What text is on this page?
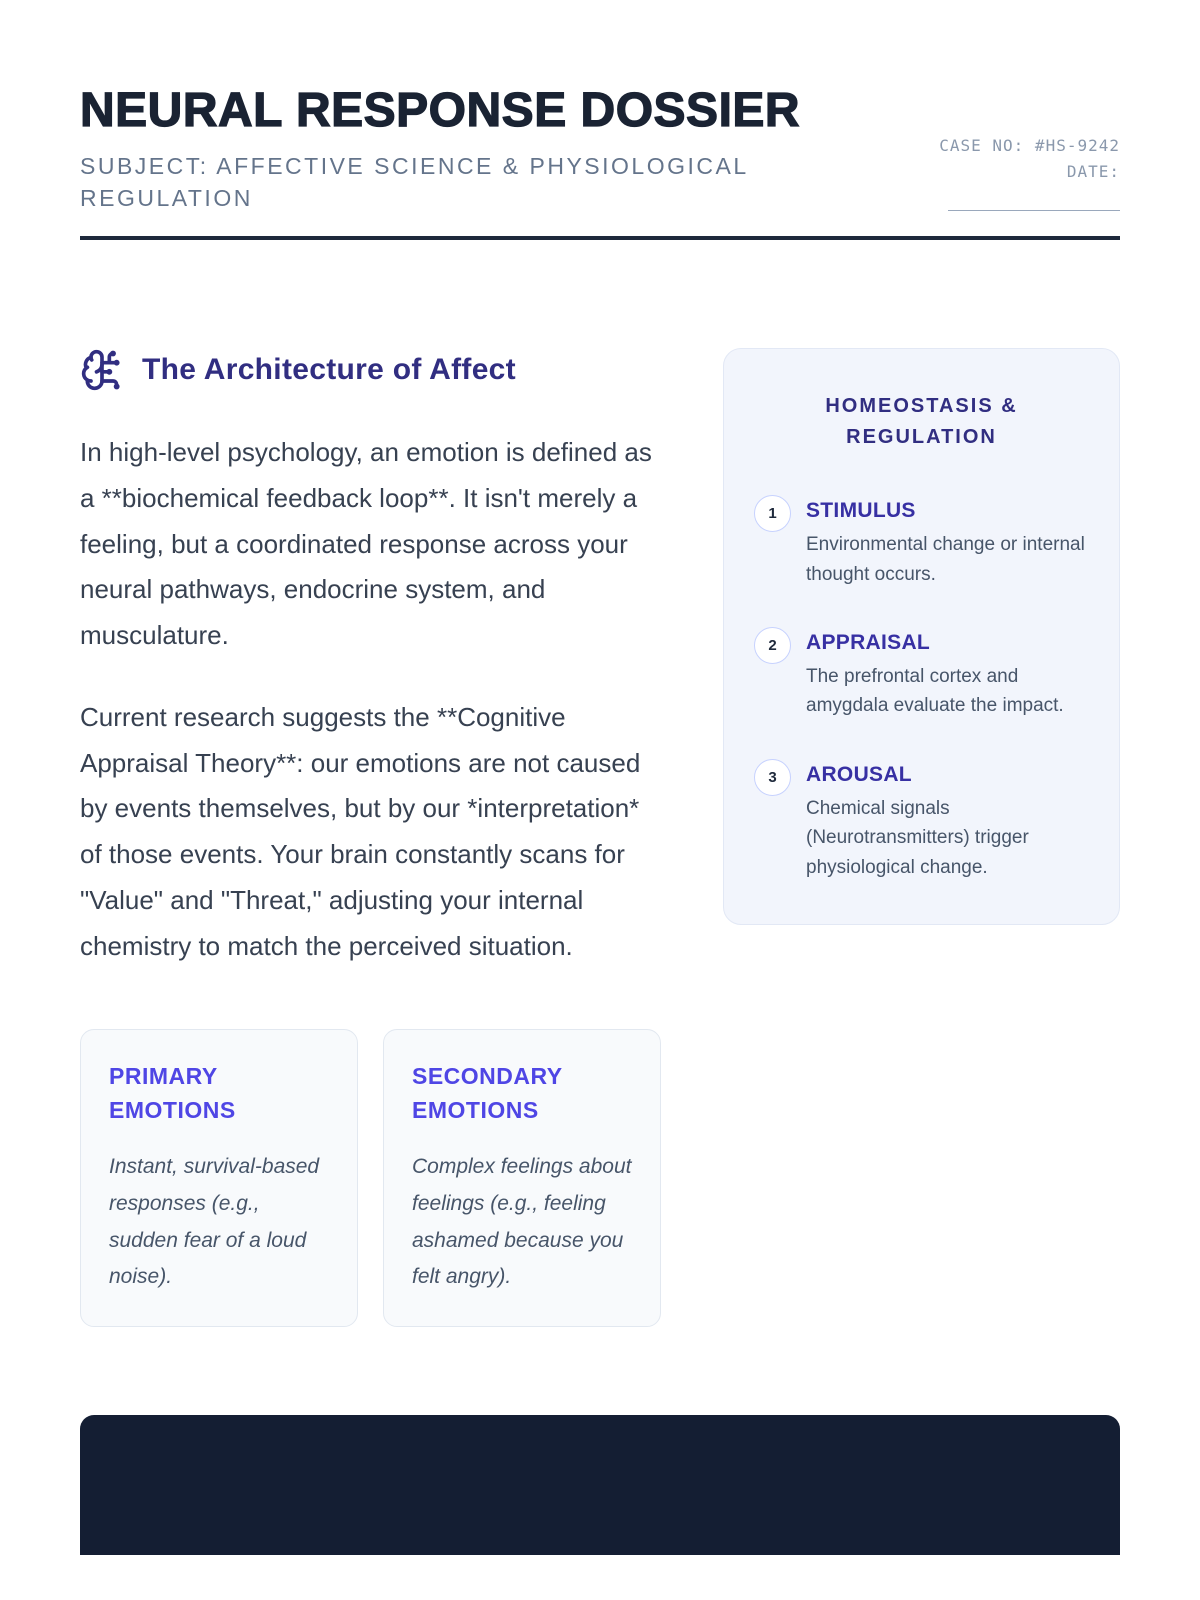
NEURAL RESPONSE DOSSIER
SUBJECT: AFFECTIVE SCIENCE & PHYSIOLOGICAL REGULATION
CASE NO: #HS-9242
DATE:
The Architecture of Affect

In high-level psychology, an emotion is defined as a **biochemical feedback loop**. It isn't merely a feeling, but a coordinated response across your neural pathways, endocrine system, and musculature.

Current research suggests the **Cognitive Appraisal Theory**: our emotions are not caused by events themselves, but by our *interpretation* of those events. Your brain constantly scans for "Value" and "Threat," adjusting your internal chemistry to match the perceived situation.

PRIMARY EMOTIONS

Instant, survival-based responses (e.g., sudden fear of a loud noise).

SECONDARY EMOTIONS

Complex feelings about feelings (e.g., feeling ashamed because you felt angry).

HOMEOSTASIS & REGULATION
1	STIMULUS
Environmental change or internal thought occurs.
2	APPRAISAL
The prefrontal cortex and amygdala evaluate the impact.
3	AROUSAL
Chemical signals (Neurotransmitters) trigger physiological change.
